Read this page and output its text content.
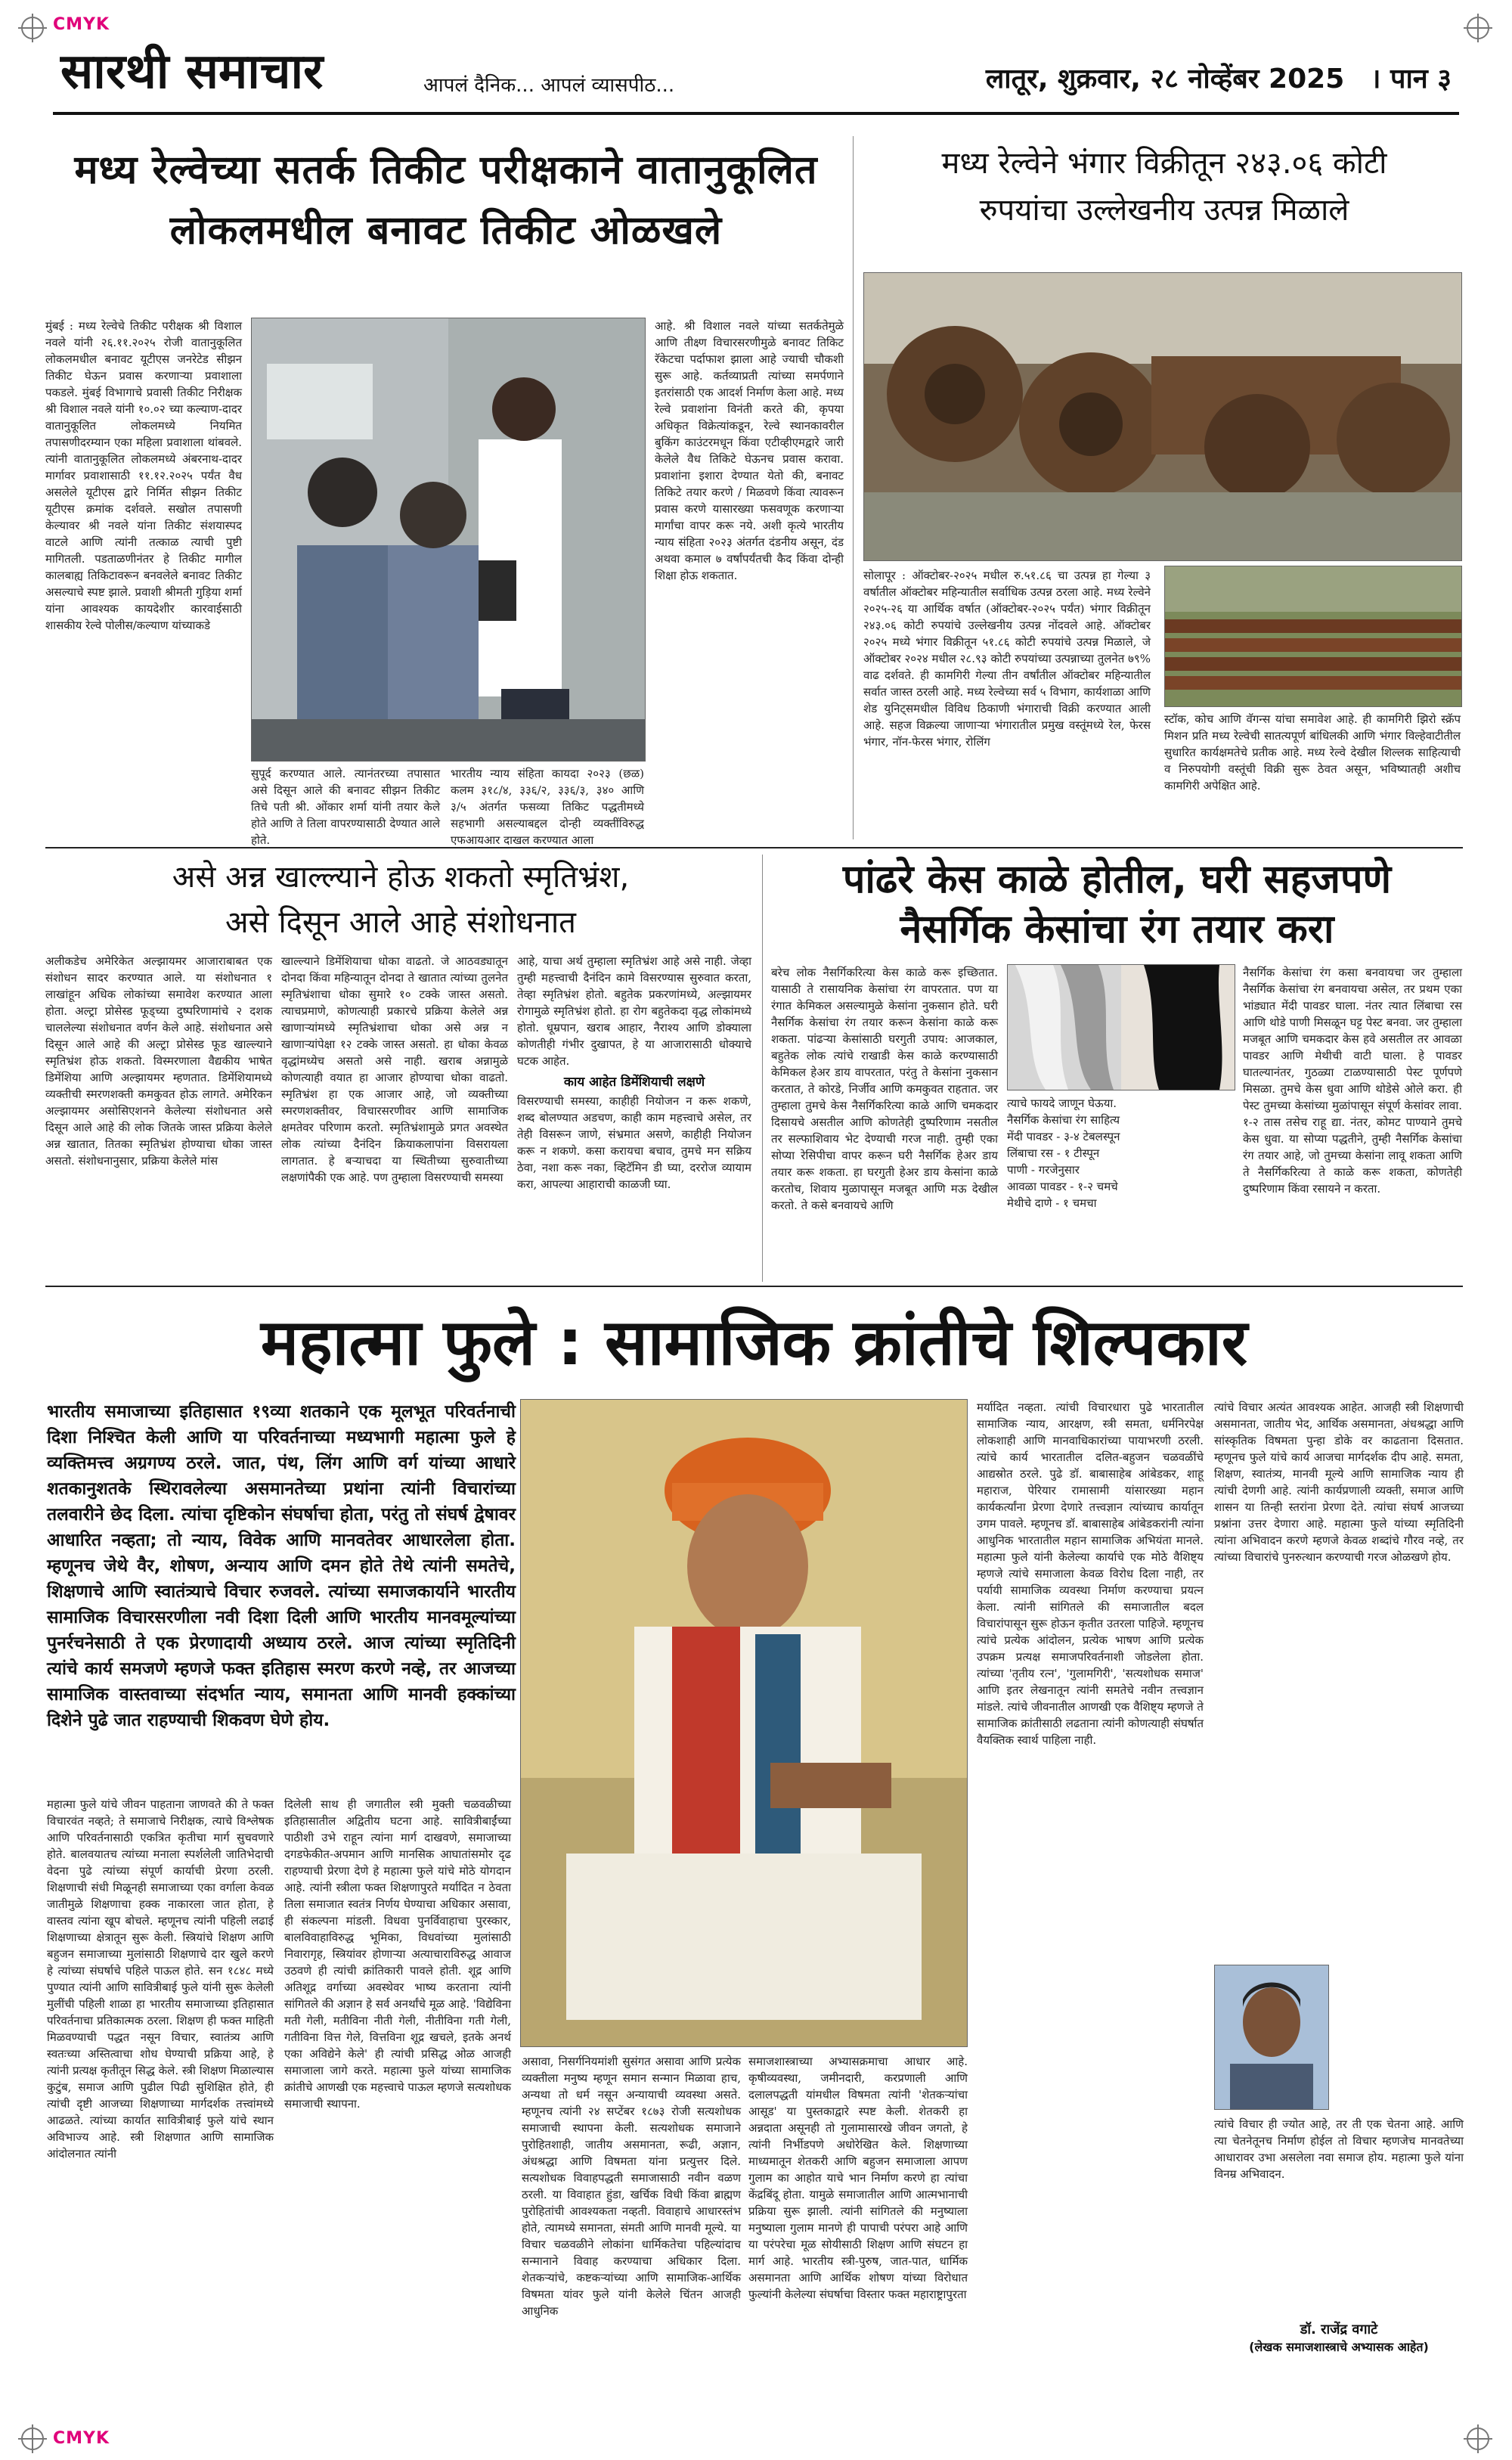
CMYK
CMYK
सारथी समाचार	आपलं दैनिक... आपलं व्यासपीठ...	लातूर, शुक्रवार, २८ नोव्हेंबर 2025 । पान ३
मध्य रेल्वेच्या सतर्क तिकीट परीक्षकाने वातानुकूलित
लोकलमधील बनावट तिकीट ओळखले
मुंबई : मध्य रेल्वेचे तिकीट परीक्षक श्री विशाल नवले यांनी २६.११.२०२५ रोजी वातानुकूलित लोकलमधील बनावट यूटीएस जनरेटेड सीझन तिकीट घेऊन प्रवास करणाऱ्या प्रवाशाला पकडले. मुंबई विभागाचे प्रवासी तिकीट निरीक्षक श्री विशाल नवले यांनी १०.०२ च्या कल्याण-दादर वातानुकूलित लोकलमध्ये नियमित तपासणीदरम्यान एका महिला प्रवाशाला थांबवले. त्यांनी वातानुकूलित लोकलमध्ये अंबरनाथ-दादर मार्गावर प्रवाशासाठी ११.१२.२०२५ पर्यंत वैध असलेले यूटीएस द्वारे निर्मित सीझन तिकीट यूटीएस क्रमांक दर्शवले. सखोल तपासणी केल्यावर श्री नवले यांना तिकीट संशयास्पद वाटले आणि त्यांनी तत्काळ त्याची पुष्टी मागितली. पडताळणीनंतर हे तिकीट मागील कालबाह्य तिकिटावरून बनवलेले बनावट तिकीट असल्याचे स्पष्ट झाले. प्रवाशी श्रीमती गुड़िया शर्मा यांना आवश्यक कायदेशीर कारवाईसाठी शासकीय रेल्वे पोलीस/कल्याण यांच्याकडे
सुपूर्द करण्यात आले. त्यानंतरच्या तपासात असे दिसून आले की बनावट सीझन तिकीट तिचे पती श्री. ओंकार शर्मा यांनी तयार केले होते आणि ते तिला वापरण्यासाठी देण्यात आले होते.
भारतीय न्याय संहिता कायदा २०२३ (छळ) कलम ३१८/४, ३३६/२, ३३६/३, ३४० आणि ३/५ अंतर्गत फसव्या तिकिट पद्धतीमध्ये सहभागी असल्याबद्दल दोन्ही व्यक्तींविरुद्ध एफआयआर दाखल करण्यात आला
आहे. श्री विशाल नवले यांच्या सतर्कतेमुळे आणि तीक्ष्ण विचारसरणीमुळे बनावट तिकिट रॅकेटचा पर्दाफाश झाला आहे ज्याची चौकशी सुरू आहे. कर्तव्याप्रती त्यांच्या समर्पणाने इतरांसाठी एक आदर्श निर्माण केला आहे. मध्य रेल्वे प्रवाशांना विनंती करते की, कृपया अधिकृत विक्रेत्यांकडून, रेल्वे स्थानकावरील बुकिंग काउंटरमधून किंवा एटीव्हीएमद्वारे जारी केलेले वैध तिकिटे घेऊनच प्रवास करावा. प्रवाशांना इशारा देण्यात येतो की, बनावट तिकिटे तयार करणे / मिळवणे किंवा त्यावरून प्रवास करणे यासारख्या फसवणूक करणाऱ्या मार्गांचा वापर करू नये. अशी कृत्ये भारतीय न्याय संहिता २०२३ अंतर्गत दंडनीय असून, दंड अथवा कमाल ७ वर्षांपर्यंतची कैद किंवा दोन्ही शिक्षा होऊ शकतात.
मध्य रेल्वेने भंगार विक्रीतून २४३.०६ कोटी
रुपयांचा उल्लेखनीय उत्पन्न मिळाले
सोलापूर : ऑक्टोबर-२०२५ मधील रु.५१.८६ चा उत्पन्न हा गेल्या ३ वर्षातील ऑक्टोबर महिन्यातील सर्वाधिक उत्पन्न ठरला आहे. मध्य रेल्वेने २०२५-२६ या आर्थिक वर्षात (ऑक्टोबर-२०२५ पर्यंत) भंगार विक्रीतून २४३.०६ कोटी रुपयांचे उल्लेखनीय उत्पन्न नोंदवले आहे. ऑक्टोबर २०२५ मध्ये भंगार विक्रीतून ५१.८६ कोटी रुपयांचे उत्पन्न मिळाले, जे ऑक्टोबर २०२४ मधील २८.९३ कोटी रुपयांच्या उत्पन्नाच्या तुलनेत ७९% वाढ दर्शवते. ही कामगिरी गेल्या तीन वर्षांतील ऑक्टोबर महिन्यातील सर्वात जास्त ठरली आहे. मध्य रेल्वेच्या सर्व ५ विभाग, कार्यशाळा आणि शेड युनिट्समधील विविध ठिकाणी भंगाराची विक्री करण्यात आली आहे. सहज विक्रल्या जाणाऱ्या भंगारातील प्रमुख वस्तूंमध्ये रेल, फेरस भंगार, नॉन-फेरस भंगार, रोलिंग
स्टॉक, कोच आणि वॅगन्स यांचा समावेश आहे. ही कामगिरी झिरो स्क्रॅप मिशन प्रति मध्य रेल्वेची सातत्यपूर्ण बांधिलकी आणि भंगार विल्हेवाटीतील सुधारित कार्यक्षमतेचे प्रतीक आहे. मध्य रेल्वे देखील शिल्लक साहित्याची व निरुपयोगी वस्तूंची विक्री सुरू ठेवत असून, भविष्यातही अशीच कामगिरी अपेक्षित आहे.
असे अन्न खाल्ल्याने होऊ शकतो स्मृतिभ्रंश,
असे दिसून आले आहे संशोधनात
अलीकडेच अमेरिकेत अल्झायमर आजाराबाबत एक संशोधन सादर करण्यात आले. या संशोधनात १ लाखांहून अधिक लोकांच्या समावेश करण्यात आला होता. अल्ट्रा प्रोसेस्ड फूड्च्या दुष्परिणामांचे २ दशक चाललेल्या संशोधनात वर्णन केले आहे. संशोधनात असे दिसून आले आहे की अल्ट्रा प्रोसेस्ड फूड खाल्ल्याने स्मृतिभ्रंश होऊ शकतो. विस्मरणाला वैद्यकीय भाषेत डिमेंशिया आणि अल्झायमर म्हणतात. डिमेंशियामध्ये व्यक्तीची स्मरणशक्ती कमकुवत होऊ लागते. अमेरिकन अल्झायमर असोसिएशनने केलेल्या संशोधनात असे दिसून आले आहे की लोक जितके जास्त प्रक्रिया केलेले अन्न खातात, तितका स्मृतिभ्रंश होण्याचा धोका जास्त असतो. संशोधनानुसार, प्रक्रिया केलेले मांस
खाल्ल्याने डिमेंशियाचा धोका वाढतो. जे आठवड्यातून दोनदा किंवा महिन्यातून दोनदा ते खातात त्यांच्या तुलनेत स्मृतिभ्रंशाचा धोका सुमारे १० टक्के जास्त असतो. त्याचप्रमाणे, कोणत्याही प्रकारचे प्रक्रिया केलेले अन्न खाणाऱ्यांमध्ये स्मृतिभ्रंशाचा धोका असे अन्न न खाणाऱ्यांपेक्षा १२ टक्के जास्त असतो. हा धोका केवळ वृद्धांमध्येच असतो असे नाही. खराब अन्नामुळे कोणत्याही वयात हा आजार होण्याचा धोका वाढतो. स्मृतिभ्रंश हा एक आजार आहे, जो व्यक्तीच्या स्मरणशक्तीवर, विचारसरणीवर आणि सामाजिक क्षमतेवर परिणाम करतो. स्मृतिभ्रंशामुळे प्रगत अवस्थेत लोक त्यांच्या दैनंदिन क्रियाकलापांना विसरायला लागतात. हे बऱ्याचदा या स्थितीच्या सुरुवातीच्या लक्षणांपैकी एक आहे. पण तुम्हाला विसरण्याची समस्या
आहे, याचा अर्थ तुम्हाला स्मृतिभ्रंश आहे असे नाही. जेव्हा तुम्ही महत्त्वाची दैनंदिन कामे विसरण्यास सुरुवात करता, तेव्हा स्मृतिभ्रंश होतो. बहुतेक प्रकरणांमध्ये, अल्झायमर रोगामुळे स्मृतिभ्रंश होतो. हा रोग बहुतेकदा वृद्ध लोकांमध्ये होतो. धूम्रपान, खराब आहार, नैराश्य आणि डोक्याला कोणतीही गंभीर दुखापत, हे या आजारासाठी धोक्याचे घटक आहेत.
काय आहेत डिमेंशियाची लक्षणे
विसरण्याची समस्या, काहीही नियोजन न करू शकणे, शब्द बोलण्यात अडचण, काही काम महत्त्वाचे असेल, तर तेही विसरून जाणे, संभ्रमात असणे, काहीही नियोजन करू न शकणे. कसा करायचा बचाव, तुमचे मन सक्रिय ठेवा, नशा करू नका, व्हिटॅमिन डी घ्या, दररोज व्यायाम करा, आपल्या आहाराची काळजी घ्या.
पांढरे केस काळे होतील, घरी सहजपणे
नैसर्गिक केसांचा रंग तयार करा
बरेच लोक नैसर्गिकरित्या केस काळे करू इच्छितात. यासाठी ते रासायनिक केसांचा रंग वापरतात. पण या रंगात केमिकल असल्यामुळे केसांना नुकसान होते. घरी नैसर्गिक केसांचा रंग तयार करून केसांना काळे करू शकता. पांढऱ्या केसांसाठी घरगुती उपाय: आजकाल, बहुतेक लोक त्यांचे राखाडी केस काळे करण्यासाठी केमिकल हेअर डाय वापरतात, परंतु ते केसांना नुकसान करतात, ते कोरडे, निर्जीव आणि कमकुवत राहतात. जर तुम्हाला तुमचे केस नैसर्गिकरित्या काळे आणि चमकदार दिसायचे असतील आणि कोणतेही दुष्परिणाम नसतील तर सल्फाशिवाय भेट देण्याची गरज नाही. तुम्ही एका सोप्या रेसिपीचा वापर करून घरी नैसर्गिक हेअर डाय तयार करू शकता. हा घरगुती हेअर डाय केसांना काळे करतोच, शिवाय मुळापासून मजबूत आणि मऊ देखील करतो. ते कसे बनवायचे आणि
त्याचे फायदे जाणून घेऊया.
नैसर्गिक केसांचा रंग साहित्य
मेंदी पावडर - ३-४ टेबलस्पून
लिंबाचा रस - १ टीस्पून
पाणी - गरजेनुसार
आवळा पावडर - १-२ चमचे
मेथीचे दाणे - १ चमचा
नैसर्गिक केसांचा रंग कसा बनवायचा जर तुम्हाला नैसर्गिक केसांचा रंग बनवायचा असेल, तर प्रथम एका भांड्यात मेंदी पावडर घाला. नंतर त्यात लिंबाचा रस आणि थोडे पाणी मिसळून घट्ट पेस्ट बनवा. जर तुम्हाला मजबूत आणि चमकदार केस हवे असतील तर आवळा पावडर आणि मेथीची वाटी घाला. हे पावडर घातल्यानंतर, गुठळ्या टाळण्यासाठी पेस्ट पूर्णपणे मिसळा. तुमचे केस धुवा आणि थोडेसे ओले करा. ही पेस्ट तुमच्या केसांच्या मुळांपासून संपूर्ण केसांवर लावा. १-२ तास तसेच राहू द्या. नंतर, कोमट पाण्याने तुमचे केस धुवा. या सोप्या पद्धतीने, तुम्ही नैसर्गिक केसांचा रंग तयार आहे, जो तुमच्या केसांना लावू शकता आणि ते नैसर्गिकरित्या ते काळे करू शकता, कोणतेही दुष्परिणाम किंवा रसायने न करता.
महात्मा फुले : सामाजिक क्रांतीचे शिल्पकार
भारतीय समाजाच्या इतिहासात १९व्या शतकाने एक मूलभूत परिवर्तनाची दिशा निश्चित केली आणि या परिवर्तनाच्या मध्यभागी महात्मा फुले हे व्यक्तिमत्त्व अग्रगण्य ठरले. जात, पंथ, लिंग आणि वर्ग यांच्या आधारे शतकानुशतके स्थिरावलेल्या असमानतेच्या प्रथांना त्यांनी विचारांच्या तलवारीने छेद दिला. त्यांचा दृष्टिकोन संघर्षाचा होता, परंतु तो संघर्ष द्वेषावर आधारित नव्हता; तो न्याय, विवेक आणि मानवतेवर आधारलेला होता. म्हणूनच जेथे वैर, शोषण, अन्याय आणि दमन होते तेथे त्यांनी समतेचे, शिक्षणाचे आणि स्वातंत्र्याचे विचार रुजवले. त्यांच्या समाजकार्याने भारतीय सामाजिक विचारसरणीला नवी दिशा दिली आणि भारतीय मानवमूल्यांच्या पुनर्रचनेसाठी ते एक प्रेरणादायी अध्याय ठरले. आज त्यांच्या स्मृतिदिनी त्यांचे कार्य समजणे म्हणजे फक्त इतिहास स्मरण करणे नव्हे, तर आजच्या सामाजिक वास्तवाच्या संदर्भात न्याय, समानता आणि मानवी हक्कांच्या दिशेने पुढे जात राहण्याची शिकवण घेणे होय.
महात्मा फुले यांचे जीवन पाहताना जाणवते की ते फक्त विचारवंत नव्हते; ते समाजाचे निरीक्षक, त्याचे विश्लेषक आणि परिवर्तनासाठी एकत्रित कृतीचा मार्ग सुचवणारे होते. बालवयातच त्यांच्या मनाला स्पर्शलेली जातिभेदाची वेदना पुढे त्यांच्या संपूर्ण कार्याची प्रेरणा ठरली. शिक्षणाची संधी मिळूनही समाजाच्या एका वर्गाला केवळ जातीमुळे शिक्षणाचा हक्क नाकारला जात होता, हे वास्तव त्यांना खूप बोचले. म्हणूनच त्यांनी पहिली लढाई शिक्षणाच्या क्षेत्रातून सुरू केली. स्त्रियांचे शिक्षण आणि बहुजन समाजाच्या मुलांसाठी शिक्षणाचे दार खुले करणे हे त्यांच्या संघर्षाचे पहिले पाऊल होते. सन १८४८ मध्ये पुण्यात त्यांनी आणि सावित्रीबाई फुले यांनी सुरू केलेली मुलींची पहिली शाळा हा भारतीय समाजाच्या इतिहासात परिवर्तनाचा प्रतिकात्मक ठरला. शिक्षण ही फक्त माहिती मिळवण्याची पद्धत नसून विचार, स्वातंत्र्य आणि स्वतःच्या अस्तित्वाचा शोध घेण्याची प्रक्रिया आहे, हे त्यांनी प्रत्यक्ष कृतीतून सिद्ध केले. स्त्री शिक्षण मिळाल्यास कुटुंब, समाज आणि पुढील पिढी सुशिक्षित होते, ही त्यांची दृष्टी आजच्या शिक्षणाच्या मार्गदर्शक तत्त्वांमध्ये आढळते. त्यांच्या कार्यात सावित्रीबाई फुले यांचे स्थान अविभाज्य आहे. स्त्री शिक्षणात आणि सामाजिक आंदोलनात त्यांनी
दिलेली साथ ही जगातील स्त्री मुक्ती चळवळीच्या इतिहासातील अद्वितीय घटना आहे. सावित्रीबाईंच्या पाठीशी उभे राहून त्यांना मार्ग दाखवणे, समाजाच्या दगडफेकीत-अपमान आणि मानसिक आघातांसमोर दृढ राहण्याची प्रेरणा देणे हे महात्मा फुले यांचे मोठे योगदान आहे. त्यांनी स्त्रीला फक्त शिक्षणापुरते मर्यादित न ठेवता तिला समाजात स्वतंत्र निर्णय घेण्याचा अधिकार असावा, ही संकल्पना मांडली. विधवा पुनर्विवाहाचा पुरस्कार, बालविवाहाविरुद्ध भूमिका, विधवांच्या मुलांसाठी निवारागृह, स्त्रियांवर होणाऱ्या अत्याचाराविरुद्ध आवाज उठवणे ही त्यांची क्रांतिकारी पावले होती. शूद्र आणि अतिशूद्र वर्गाच्या अवस्थेवर भाष्य करताना त्यांनी सांगितले की अज्ञान हे सर्व अनर्थांचे मूळ आहे. 'विद्येविना मती गेली, मतीविना नीती गेली, नीतीविना गती गेली, गतीविना वित्त गेले, वित्तविना शूद्र खचले, इतके अनर्थ एका अविद्येने केले' ही त्यांची प्रसिद्ध ओळ आजही समाजाला जागे करते. महात्मा फुले यांच्या सामाजिक क्रांतीचे आणखी एक महत्त्वाचे पाऊल म्हणजे सत्यशोधक समाजाची स्थापना.
असावा, निसर्गनियमांशी सुसंगत असावा आणि प्रत्येक व्यक्तीला मनुष्य म्हणून समान सन्मान मिळावा हाच, अन्यथा तो धर्म नसून अन्यायाची व्यवस्था असते. म्हणूनच त्यांनी २४ सप्टेंबर १८७३ रोजी सत्यशोधक समाजाची स्थापना केली. सत्यशोधक समाजाने पुरोहितशाही, जातीय असमानता, रूढी, अज्ञान, अंधश्रद्धा आणि विषमता यांना प्रत्युत्तर दिले. सत्यशोधक विवाहपद्धती समाजासाठी नवीन वळण ठरली. या विवाहात हुंडा, खर्चिक विधी किंवा ब्राह्मण पुरोहितांची आवश्यकता नव्हती. विवाहाचे आधारस्तंभ होते, त्यामध्ये समानता, संमती आणि मानवी मूल्ये. या विचार चळवळीने लोकांना धार्मिकतेचा पहिल्यांदाच सन्मानाने विवाह करण्याचा अधिकार दिला. शेतकऱ्यांचे, कष्टकऱ्यांच्या आणि सामाजिक-आर्थिक विषमता यांवर फुले यांनी केलेले चिंतन आजही आधुनिक
समाजशास्त्राच्या अभ्यासक्रमाचा आधार आहे. कृषीव्यवस्था, जमीनदारी, करप्रणाली आणि दलालपद्धती यांमधील विषमता त्यांनी 'शेतकऱ्यांचा आसूड' या पुस्तकाद्वारे स्पष्ट केली. शेतकरी हा अन्नदाता असूनही तो गुलामासारखे जीवन जगतो, हे त्यांनी निर्भीडपणे अधोरेखित केले. शिक्षणाच्या माध्यमातून शेतकरी आणि बहुजन समाजाला आपण गुलाम का आहोत याचे भान निर्माण करणे हा त्यांचा केंद्रबिंदू होता. यामुळे समाजातील आणि आत्मभानाची प्रक्रिया सुरू झाली. त्यांनी सांगितले की मनुष्याला मनुष्याला गुलाम मानणे ही पापाची परंपरा आहे आणि या परंपरेचा मूळ सोयीसाठी शिक्षण आणि संघटन हा मार्ग आहे. भारतीय स्त्री-पुरुष, जात-पात, धार्मिक असमानता आणि आर्थिक शोषण यांच्या विरोधात फुल्यांनी केलेल्या संघर्षाचा विस्तार फक्त महाराष्ट्रापुरता
मर्यादित नव्हता. त्यांची विचारधारा पुढे भारतातील सामाजिक न्याय, आरक्षण, स्त्री समता, धर्मनिरपेक्ष लोकशाही आणि मानवाधिकारांच्या पायाभरणी ठरली. त्यांचे कार्य भारतातील दलित-बहुजन चळवळींचे आद्यस्रोत ठरले. पुढे डॉ. बाबासाहेब आंबेडकर, शाहू महाराज, पेरियार रामासामी यांसारख्या महान कार्यकर्त्यांना प्रेरणा देणारे तत्त्वज्ञान त्यांच्याच कार्यातून उगम पावले. म्हणूनच डॉ. बाबासाहेब आंबेडकरांनी त्यांना आधुनिक भारतातील महान सामाजिक अभियंता मानले. महात्मा फुले यांनी केलेल्या कार्याचे एक मोठे वैशिष्ट्य म्हणजे त्यांचे समाजाला केवळ विरोध दिला नाही, तर पर्यायी सामाजिक व्यवस्था निर्माण करण्याचा प्रयत्न केला. त्यांनी सांगितले की समाजातील बदल विचारांपासून सुरू होऊन कृतीत उतरला पाहिजे. म्हणूनच त्यांचे प्रत्येक आंदोलन, प्रत्येक भाषण आणि प्रत्येक उपक्रम प्रत्यक्ष समाजपरिवर्तनाशी जोडलेला होता. त्यांच्या 'तृतीय रत्न', 'गुलामगिरी', 'सत्यशोधक समाज' आणि इतर लेखनातून त्यांनी समतेचे नवीन तत्त्वज्ञान मांडले. त्यांचे जीवनातील आणखी एक वैशिष्ट्य म्हणजे ते सामाजिक क्रांतीसाठी लढताना त्यांनी कोणत्याही संघर्षात वैयक्तिक स्वार्थ पाहिला नाही.
त्यांचे विचार अत्यंत आवश्यक आहेत. आजही स्त्री शिक्षणाची असमानता, जातीय भेद, आर्थिक असमानता, अंधश्रद्धा आणि सांस्कृतिक विषमता पुन्हा डोके वर काढताना दिसतात. म्हणूनच फुले यांचे कार्य आजचा मार्गदर्शक दीप आहे. समता, शिक्षण, स्वातंत्र्य, मानवी मूल्ये आणि सामाजिक न्याय ही त्यांची देणगी आहे. त्यांनी कार्यप्रणाली व्यक्ती, समाज आणि शासन या तिन्ही स्तरांना प्रेरणा देते. त्यांचा संघर्ष आजच्या प्रश्नांना उत्तर देणारा आहे. महात्मा फुले यांच्या स्मृतिदिनी त्यांना अभिवादन करणे म्हणजे केवळ शब्दांचे गौरव नव्हे, तर त्यांच्या विचारांचे पुनरुत्थान करण्याची गरज ओळखणे होय.
त्यांचे विचार ही ज्योत आहे, तर ती एक चेतना आहे. आणि त्या चेतनेतूनच निर्माण होईल तो विचार म्हणजेच मानवतेच्या आधारावर उभा असलेला नवा समाज होय. महात्मा फुले यांना विनम्र अभिवादन.
डॉ. राजेंद्र वगाटे
(लेखक समाजशास्त्राचे अभ्यासक आहेत)
